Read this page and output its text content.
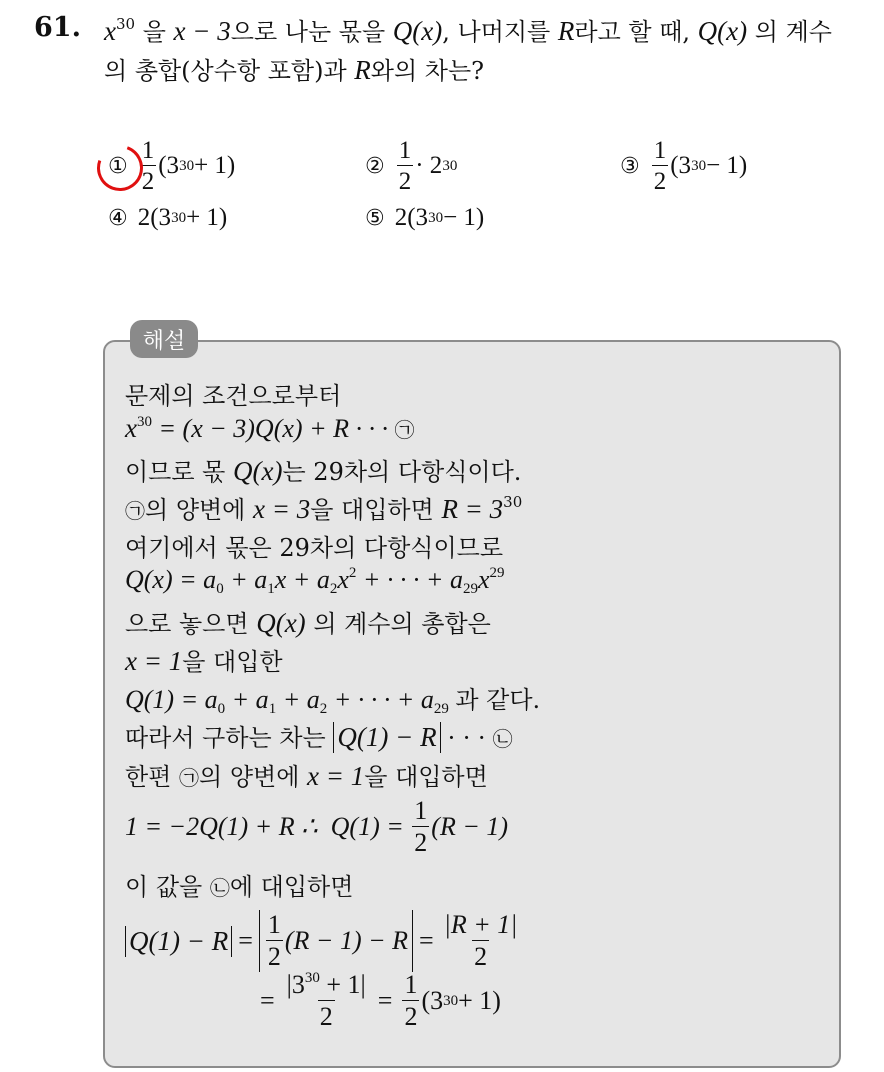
61. $x^{30}$ 을 x − 3으로 나눈 몫을 Q(x), 나머지를 R라고 할 때, Q(x) 의 계수
의 총합(상수항 포함)과 R와의 차는?
① $\frac{1}{2} (3$ 30 + 1)	② $\frac{1}{2} \cdot 2$ 30	③ $\frac{1}{2} (3$ 30 − 1)
④ 2(3 30 + 1)	⑤ 2(3 30 − 1)
해설
문제의 조건으로부터
$x^{30} = (x - 3)Q(x) + R$ · · · ㉠
이므로 몫 Q(x)는 29차의 다항식이다.
㉠의 양변에 x = 3을 대입하면 $R = 3^{30}$
여기에서 몫은 29차의 다항식이므로
$Q(x) = a_0 + a_1x + a_2x^2$ + · · · + $a_{29}x^{29}$
으로 놓으면 Q(x) 의 계수의 총합은
x = 1을 대입한
$Q(1) = a_0 + a_1 + a_2$ + · · · + $a_{29}$ 과 같다.
따라서 구하는 차는 Q(1) − R · · · ㉡
한편 ㉠의 양변에 x = 1을 대입하면
1 = −2Q(1) + R ∴  $Q(1) = \frac{1}{2} (R - 1)$
이 값을 ㉡에 대입하면
$Q(1) - R = \frac{1}{2} (R - 1) - R = \frac{|R + 1|}{2}$
= $\frac{|3^{30} + 1|}{2} = \frac{1}{2} (3$ 30 + 1)
